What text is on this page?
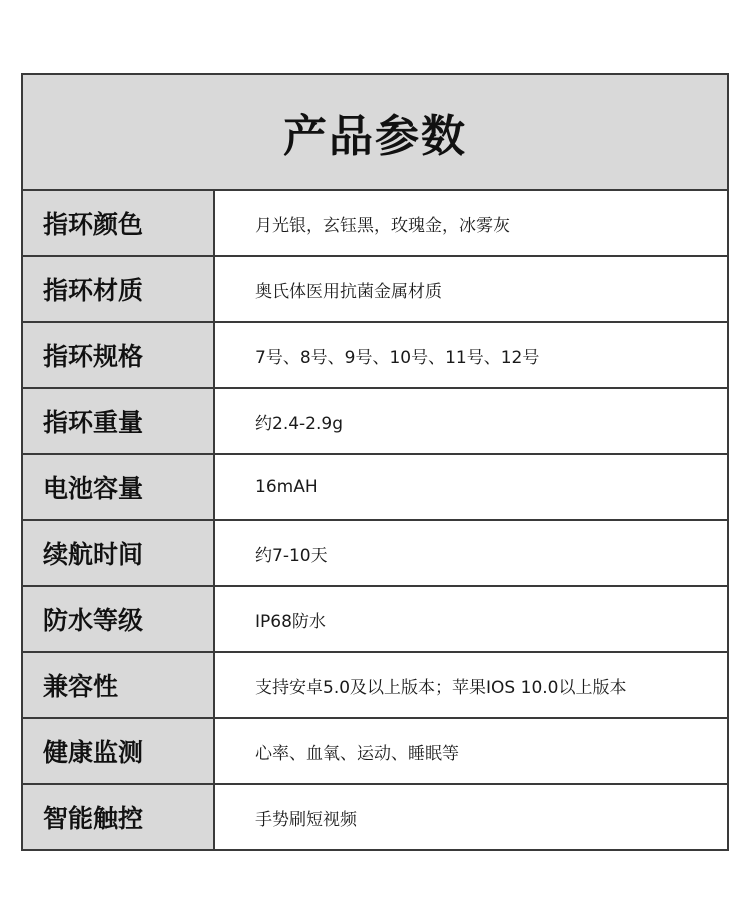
产品参数
指环颜色	月光银，玄钰黑，玫瑰金，冰雾灰
指环材质	奥氏体医用抗菌金属材质
指环规格	7号、8号、9号、10号、11号、12号
指环重量	约2.4-2.9g
电池容量	16mAH
续航时间	约7-10天
防水等级	IP68防水
兼容性	支持安卓5.0及以上版本；苹果IOS 10.0以上版本
健康监测	心率、血氧、运动、睡眠等
智能触控	手势刷短视频
